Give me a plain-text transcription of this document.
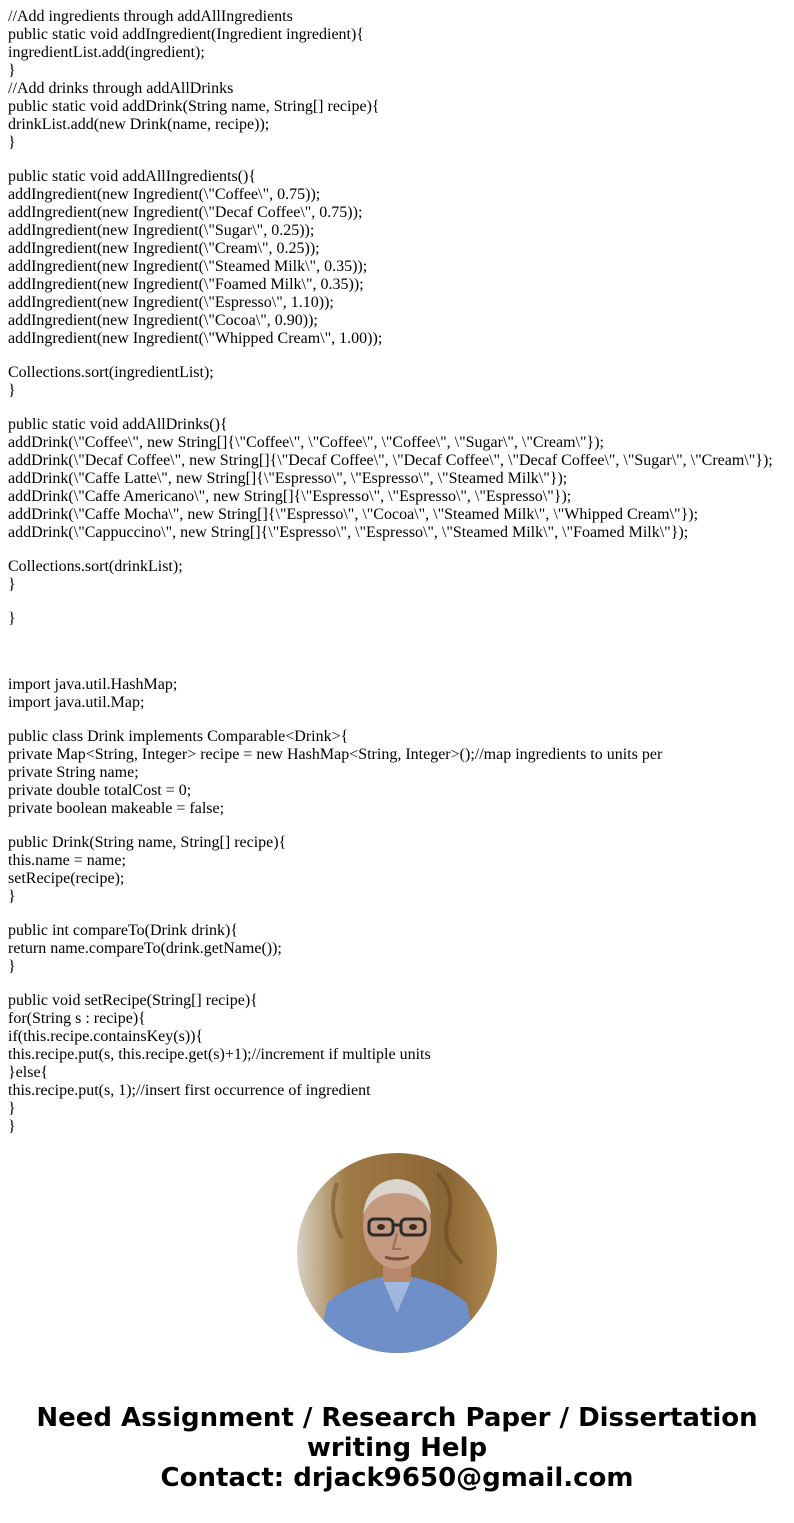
//Add ingredients through addAllIngredients
public static void addIngredient(Ingredient ingredient){
ingredientList.add(ingredient);
}
//Add drinks through addAllDrinks
public static void addDrink(String name, String[] recipe){
drinkList.add(new Drink(name, recipe));
}
public static void addAllIngredients(){
addIngredient(new Ingredient(\"Coffee\", 0.75));
addIngredient(new Ingredient(\"Decaf Coffee\", 0.75));
addIngredient(new Ingredient(\"Sugar\", 0.25));
addIngredient(new Ingredient(\"Cream\", 0.25));
addIngredient(new Ingredient(\"Steamed Milk\", 0.35));
addIngredient(new Ingredient(\"Foamed Milk\", 0.35));
addIngredient(new Ingredient(\"Espresso\", 1.10));
addIngredient(new Ingredient(\"Cocoa\", 0.90));
addIngredient(new Ingredient(\"Whipped Cream\", 1.00));
Collections.sort(ingredientList);
}
public static void addAllDrinks(){
addDrink(\"Coffee\", new String[]{\"Coffee\", \"Coffee\", \"Coffee\", \"Sugar\", \"Cream\"});
addDrink(\"Decaf Coffee\", new String[]{\"Decaf Coffee\", \"Decaf Coffee\", \"Decaf Coffee\", \"Sugar\", \"Cream\"});
addDrink(\"Caffe Latte\", new String[]{\"Espresso\", \"Espresso\", \"Steamed Milk\"});
addDrink(\"Caffe Americano\", new String[]{\"Espresso\", \"Espresso\", \"Espresso\"});
addDrink(\"Caffe Mocha\", new String[]{\"Espresso\", \"Cocoa\", \"Steamed Milk\", \"Whipped Cream\"});
addDrink(\"Cappuccino\", new String[]{\"Espresso\", \"Espresso\", \"Steamed Milk\", \"Foamed Milk\"});
Collections.sort(drinkList);
}
}
import java.util.HashMap;
import java.util.Map;
public class Drink implements Comparable<Drink>{
private Map<String, Integer> recipe = new HashMap<String, Integer>();//map ingredients to units per
private String name;
private double totalCost = 0;
private boolean makeable = false;
public Drink(String name, String[] recipe){
this.name = name;
setRecipe(recipe);
}
public int compareTo(Drink drink){
return name.compareTo(drink.getName());
}
public void setRecipe(String[] recipe){
for(String s : recipe){
if(this.recipe.containsKey(s)){
this.recipe.put(s, this.recipe.get(s)+1);//increment if multiple units
}else{
this.recipe.put(s, 1);//insert first occurrence of ingredient
}
}
Need Assignment / Research Paper / Dissertation
writing Help
Contact: drjack9650@gmail.com
